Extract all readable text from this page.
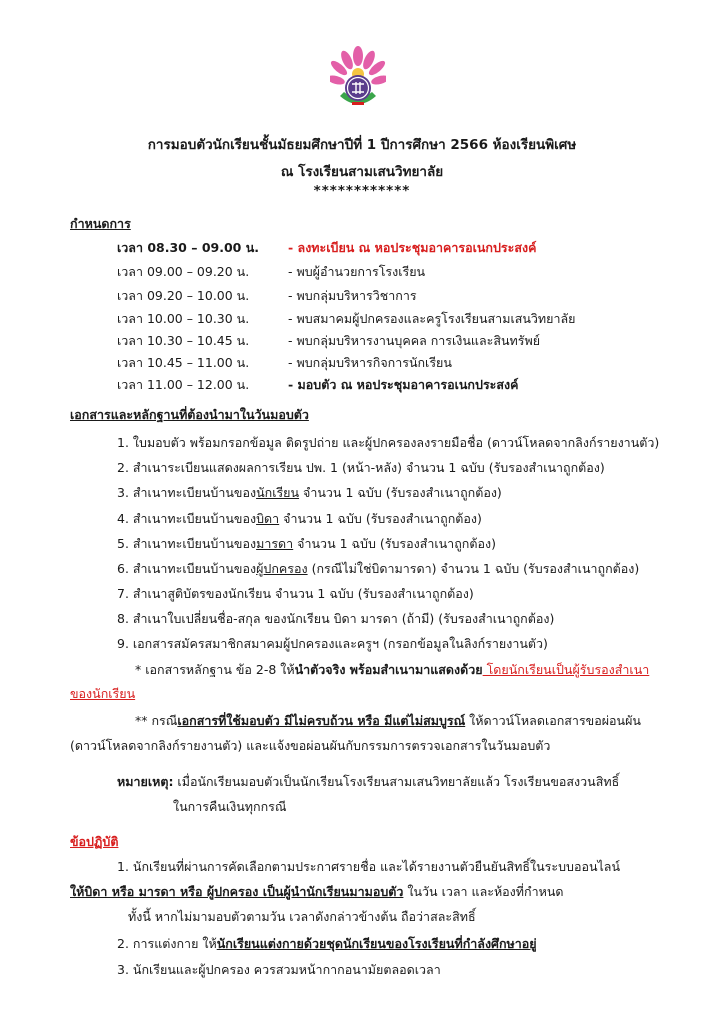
การมอบตัวนักเรียนชั้นมัธยมศึกษาปีที่ 1 ปีการศึกษา 2566 ห้องเรียนพิเศษ
ณ โรงเรียนสามเสนวิทยาลัย
************
กำหนดการ
เวลา 08.30 – 09.00 น. - ลงทะเบียน ณ หอประชุมอาคารอเนกประสงค์
เวลา 09.00 – 09.20 น.	- พบผู้อำนวยการโรงเรียน
เวลา 09.20 – 10.00 น.	- พบกลุ่มบริหารวิชาการ
เวลา 10.00 – 10.30 น.	- พบสมาคมผู้ปกครองและครูโรงเรียนสามเสนวิทยาลัย
เวลา 10.30 – 10.45 น.	- พบกลุ่มบริหารงานบุคคล การเงินและสินทรัพย์
เวลา 10.45 – 11.00 น.	- พบกลุ่มบริหารกิจการนักเรียน
เวลา 11.00 – 12.00 น.	- มอบตัว ณ หอประชุมอาคารอเนกประสงค์
เอกสารและหลักฐานที่ต้องนำมาในวันมอบตัว
1. ใบมอบตัว พร้อมกรอกข้อมูล ติดรูปถ่าย และผู้ปกครองลงรายมือชื่อ (ดาวน์โหลดจากลิงก์รายงานตัว)
2. สำเนาระเบียนแสดงผลการเรียน ปพ. 1 (หน้า-หลัง) จำนวน 1 ฉบับ (รับรองสำเนาถูกต้อง)
3. สำเนาทะเบียนบ้านของนักเรียน จำนวน 1 ฉบับ (รับรองสำเนาถูกต้อง)
4. สำเนาทะเบียนบ้านของบิดา จำนวน 1 ฉบับ (รับรองสำเนาถูกต้อง)
5. สำเนาทะเบียนบ้านของมารดา จำนวน 1 ฉบับ (รับรองสำเนาถูกต้อง)
6. สำเนาทะเบียนบ้านของผู้ปกครอง (กรณีไม่ใช่บิดามารดา) จำนวน 1 ฉบับ (รับรองสำเนาถูกต้อง)
7. สำเนาสูติบัตรของนักเรียน จำนวน 1 ฉบับ (รับรองสำเนาถูกต้อง)
8. สำเนาใบเปลี่ยนชื่อ-สกุล ของนักเรียน บิดา มารดา (ถ้ามี) (รับรองสำเนาถูกต้อง)
9. เอกสารสมัครสมาชิกสมาคมผู้ปกครองและครูฯ (กรอกข้อมูลในลิงก์รายงานตัว)
* เอกสารหลักฐาน ข้อ 2-8 ให้นำตัวจริง พร้อมสำเนามาแสดงด้วย โดยนักเรียนเป็นผู้รับรองสำเนา
ของนักเรียน
** กรณีเอกสารที่ใช้มอบตัว มีไม่ครบถ้วน หรือ มีแต่ไม่สมบูรณ์ ให้ดาวน์โหลดเอกสารขอผ่อนผัน
(ดาวน์โหลดจากลิงก์รายงานตัว) และแจ้งขอผ่อนผันกับกรรมการตรวจเอกสารในวันมอบตัว
หมายเหตุ: เมื่อนักเรียนมอบตัวเป็นนักเรียนโรงเรียนสามเสนวิทยาลัยแล้ว โรงเรียนขอสงวนสิทธิ์
ในการคืนเงินทุกกรณี
ข้อปฏิบัติ
1. นักเรียนที่ผ่านการคัดเลือกตามประกาศรายชื่อ และได้รายงานตัวยืนยันสิทธิ์ในระบบออนไลน์
ให้บิดา หรือ มารดา หรือ ผู้ปกครอง เป็นผู้นำนักเรียนมามอบตัว ในวัน เวลา และห้องที่กำหนด
ทั้งนี้ หากไม่มามอบตัวตามวัน เวลาดังกล่าวข้างต้น ถือว่าสละสิทธิ์
2. การแต่งกาย ให้นักเรียนแต่งกายด้วยชุดนักเรียนของโรงเรียนที่กำลังศึกษาอยู่
3. นักเรียนและผู้ปกครอง ควรสวมหน้ากากอนามัยตลอดเวลา
